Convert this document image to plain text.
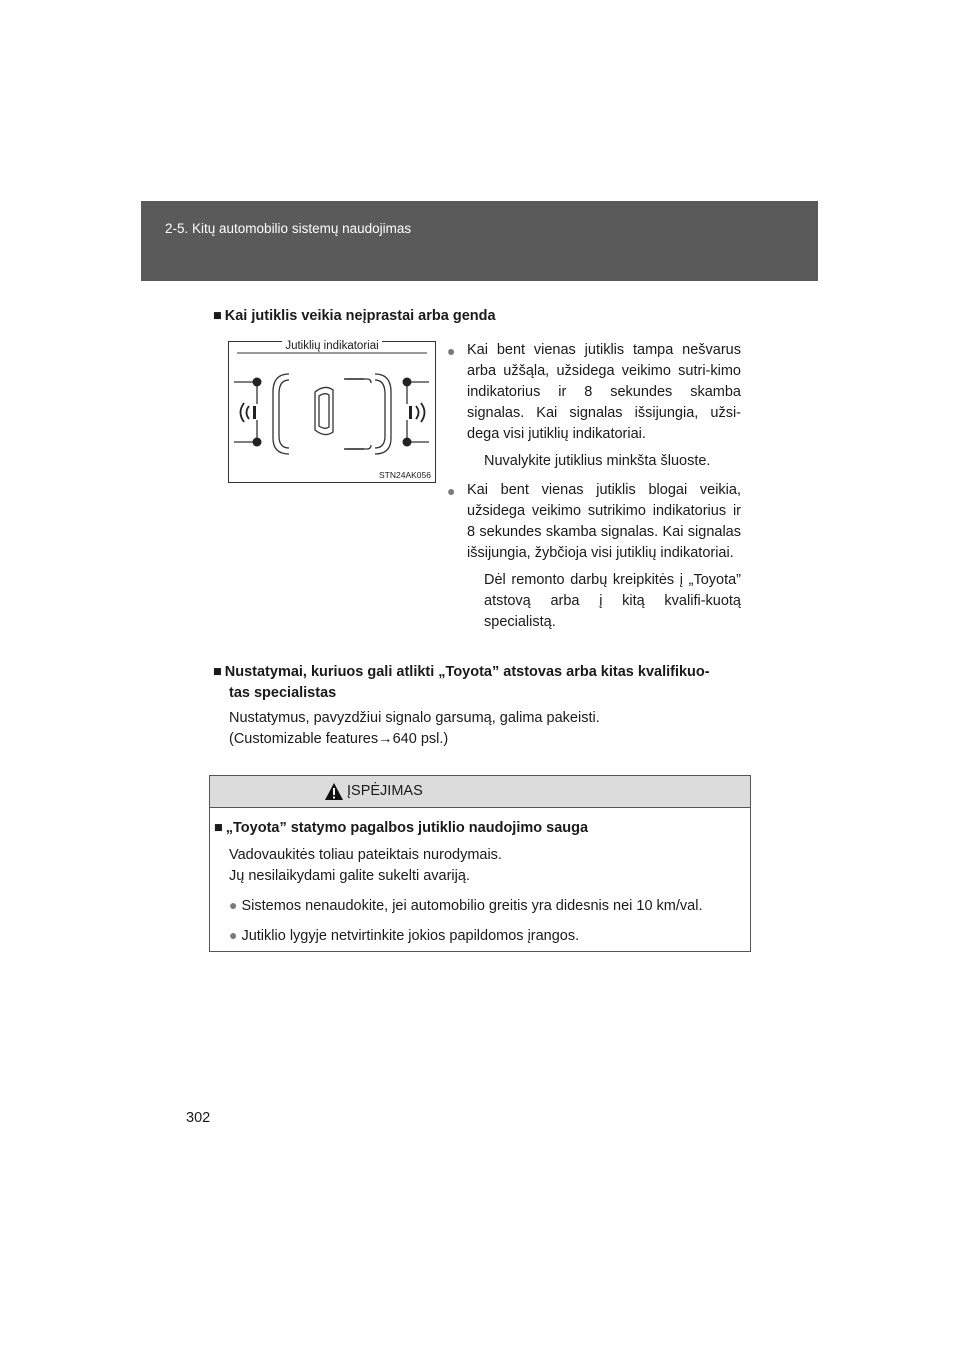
2-5. Kitų automobilio sistemų naudojimas
■ Kai jutiklis veikia neįprastai arba genda
Jutiklių indikatoriai
STN24AK056
● Kai bent vienas jutiklis tampa nešvarus arba užšąla, užsidega veikimo sutri-kimo indikatorius ir 8 sekundes skamba signalas. Kai signalas išsijungia, užsi-dega visi jutiklių indikatoriai.
Nuvalykite jutiklius minkšta šluoste.
● Kai bent vienas jutiklis blogai veikia, užsidega veikimo sutrikimo indikatorius ir 8 sekundes skamba signalas. Kai signalas išsijungia, žybčioja visi jutiklių indikatoriai.
Dėl remonto darbų kreipkitės į „Toyota” atstovą arba į kitą kvalifi-kuotą specialistą.
■ Nustatymai, kuriuos gali atlikti „Toyota” atstovas arba kitas kvalifikuo-
tas specialistas
Nustatymus, pavyzdžiui signalo garsumą, galima pakeisti.
(Customizable features→640 psl.)
ĮSPĖJIMAS
■ „Toyota” statymo pagalbos jutiklio naudojimo sauga
Vadovaukitės toliau pateiktais nurodymais.
Jų nesilaikydami galite sukelti avariją.
● Sistemos nenaudokite, jei automobilio greitis yra didesnis nei 10 km/val.
● Jutiklio lygyje netvirtinkite jokios papildomos įrangos.
302
